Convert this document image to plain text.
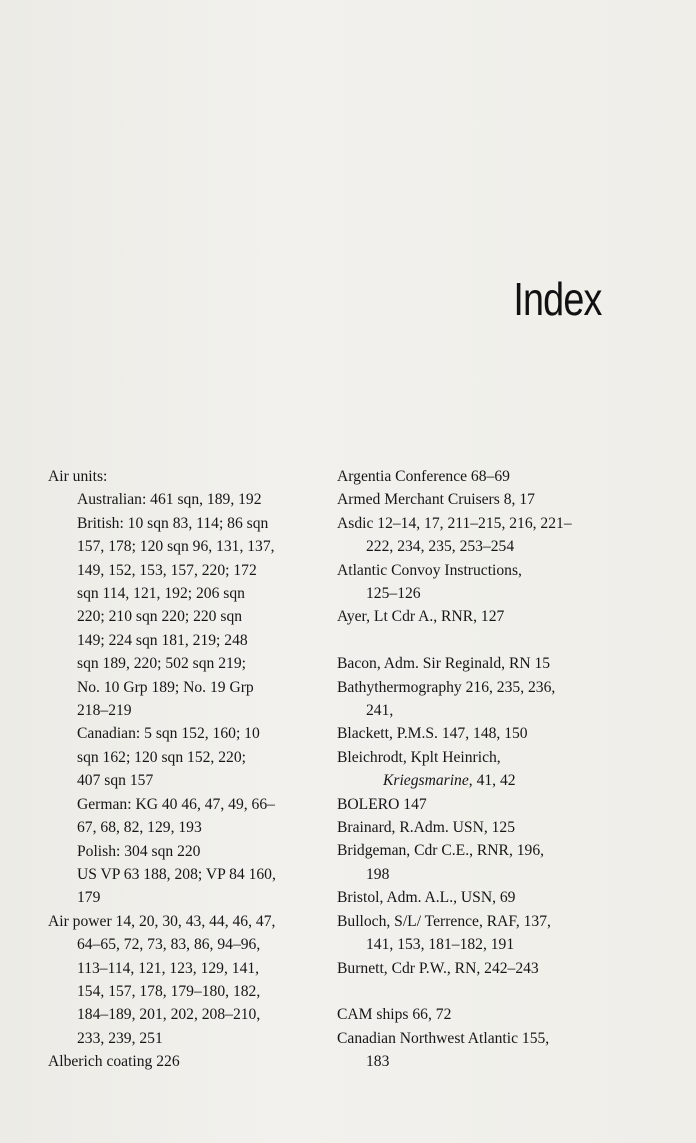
Index
Air units:
Australian: 461 sqn, 189, 192
British: 10 sqn 83, 114; 86 sqn
157, 178; 120 sqn 96, 131, 137,
149, 152, 153, 157, 220; 172
sqn 114, 121, 192; 206 sqn
220; 210 sqn 220; 220 sqn
149; 224 sqn 181, 219; 248
sqn 189, 220; 502 sqn 219;
No. 10 Grp 189; No. 19 Grp
218–219
Canadian: 5 sqn 152, 160; 10
sqn 162; 120 sqn 152, 220;
407 sqn 157
German: KG 40 46, 47, 49, 66–
67, 68, 82, 129, 193
Polish: 304 sqn 220
US VP 63 188, 208; VP 84 160,
179
Air power 14, 20, 30, 43, 44, 46, 47,
64–65, 72, 73, 83, 86, 94–96,
113–114, 121, 123, 129, 141,
154, 157, 178, 179–180, 182,
184–189, 201, 202, 208–210,
233, 239, 251
Alberich coating 226
Argentia Conference 68–69
Armed Merchant Cruisers 8, 17
Asdic 12–14, 17, 211–215, 216, 221–
222, 234, 235, 253–254
Atlantic Convoy Instructions,
125–126
Ayer, Lt Cdr A., RNR, 127
Bacon, Adm. Sir Reginald, RN 15
Bathythermography 216, 235, 236,
241,
Blackett, P.M.S. 147, 148, 150
Bleichrodt, Kplt Heinrich,
Kriegsmarine, 41, 42
BOLERO 147
Brainard, R.Adm. USN, 125
Bridgeman, Cdr C.E., RNR, 196,
198
Bristol, Adm. A.L., USN, 69
Bulloch, S/L/ Terrence, RAF, 137,
141, 153, 181–182, 191
Burnett, Cdr P.W., RN, 242–243
CAM ships 66, 72
Canadian Northwest Atlantic 155,
183
